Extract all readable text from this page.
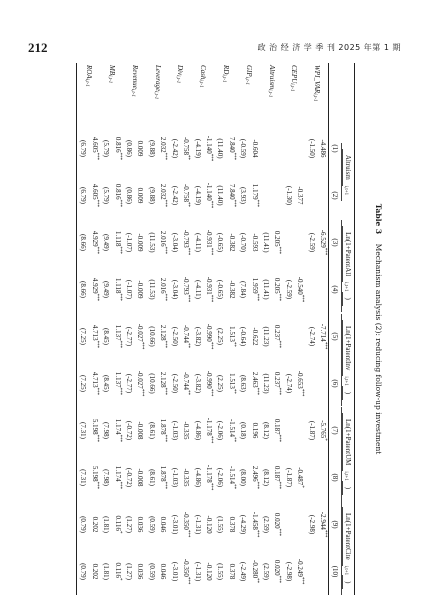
212	政 治 经 济 学 季 刊 2025 年第 1 期
Table 3    Mechanism analysis (2): reducing follow-up investment
	Altruism$_{i,t+1}$		Ln(1+PatentAll$_{i,t+1}$)		Ln(1+PatentInv$_{i,t+1}$)		Ln(1+PatentUM$_{i,t+1}$)		Ln(1+PatentCite$_{i,t+1}$)	
	(1)	(2)	(3)	(4)	(5)	(6)	(7)	(8)	(9)	(10)
$WPI\_VAR_{i,t-1}$	-4.486		-6.529***		-7.714***		-5.765*		-2.944***	
	(-1.50)		(-2.59)		(-2.74)		(-1.87)		(-2.98)	
$CEPU_{i,t-1}$		-0.377		-0.540***		-0.653***		-0.487*		-0.249***
		(-1.30)		(-2.59)		(-2.74)		(-1.87)		(-2.98)
Altruism$_{i,t-1}$			0.205***	0.205***	0.237***	0.237***	0.187***	0.187***	0.020***	0.020***
			(11.41)	(11.41)	(11.23)	(11.23)	(8.12)	(8.12)	(2.59)	(2.59)
$GIP_{i,t-1}$	-0.604	1.179***	-0.593	1.959***	-0.622	2.463***	0.196	2.496***	-1.458***	-0.280**
	(-0.59)	(3.93)	(-0.70)	(7.84)	(-0.64)	(8.63)	(0.18)	(8.00)	(-4.29)	(-2.49)
$RD_{i,t-1}$	7.840***	7.840***	-0.382	-0.382	1.513**	1.513**	-1.514**	-1.514**	0.378	0.378
	(11.40)	(11.40)	(-0.65)	(-0.65)	(2.25)	(2.25)	(-2.06)	(-2.06)	(1.55)	(1.55)
Cash$_{i,t-1}$	-1.140***	-1.140***	-0.931***	-0.931***	-0.990***	-0.990***	-1.178***	-1.178***	-0.120	-0.120
	(-4.19)	(-4.19)	(-4.11)	(-4.11)	(-3.82)	(-3.82)	(-4.86)	(-4.86)	(-1.31)	(-1.31)
Div$_{i,t-1}$	-0.758**	-0.758**	-0.793***	-0.793***	-0.744**	-0.744**	-0.335	-0.335	-0.350***	-0.350***
	(-2.42)	(-2.42)	(-3.04)	(-3.04)	(-2.50)	(-2.50)	(-1.03)	(-1.03)	(-3.01)	(-3.01)
Leverage$_{i,t-1}$	2.032***	2.032***	2.016***	2.016***	2.128***	2.128***	1.878***	1.878***	0.046	0.046
	(9.88)	(9.88)	(11.53)	(11.53)	(10.66)	(10.66)	(8.61)	(8.61)	(0.59)	(0.59)
Revenue$_{i,t-1}$	0.009	0.009	-0.009	-0.009	-0.027***	-0.027***	-0.008	-0.008	0.036	0.036
	(0.86)	(0.86)	(-1.07)	(-1.07)	(-2.77)	(-2.77)	(-0.72)	(-0.72)	(1.27)	(1.27)
$MB_{i,t-1}$	0.816***	0.816***	1.118***	1.118***	1.137***	1.137***	1.174***	1.174***	0.116*	0.116*
	(5.79)	(5.79)	(9.49)	(9.49)	(8.45)	(8.45)	(7.98)	(7.98)	(1.81)	(1.81)
$ROA_{i,t-1}$	4.605***	4.605***	4.929***	4.929***	4.713***	4.713***	5.198***	5.198***	0.202	0.202
	(6.79)	(6.79)	(8.66)	(8.66)	(7.25)	(7.25)	(7.31)	(7.31)	(0.79)	(0.79)
